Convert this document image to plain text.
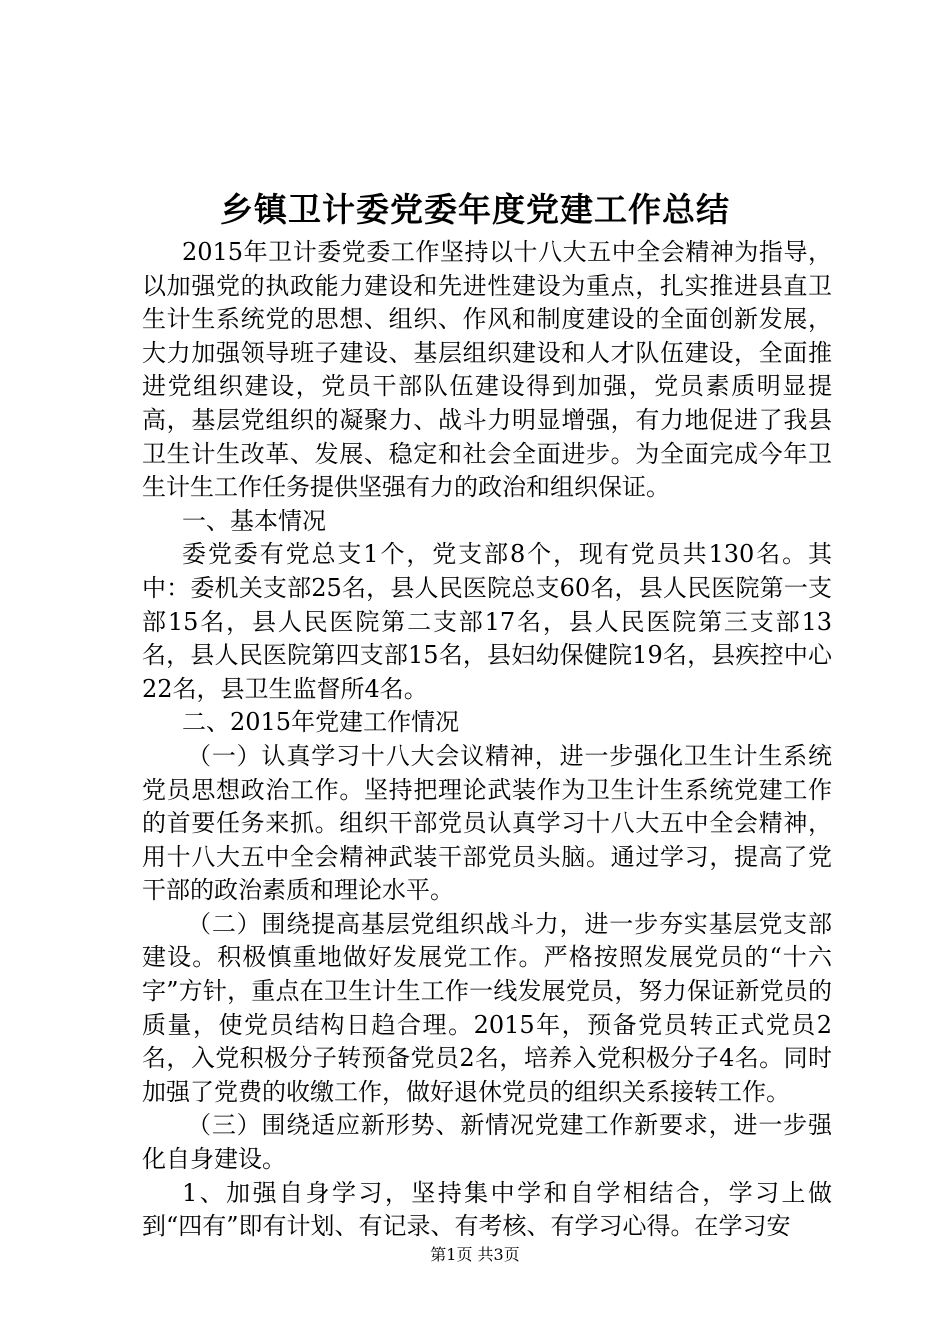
乡镇卫计委党委年度党建工作总结

2015年卫计委党委工作坚持以十八大五中全会精神为指导，以加强党的执政能力建设和先进性建设为重点，扎实推进县直卫生计生系统党的思想、组织、作风和制度建设的全面创新发展，大力加强领导班子建设、基层组织建设和人才队伍建设，全面推进党组织建设，党员干部队伍建设得到加强，党员素质明显提高，基层党组织的凝聚力、战斗力明显增强，有力地促进了我县卫生计生改革、发展、稳定和社会全面进步。为全面完成今年卫生计生工作任务提供坚强有力的政治和组织保证。

一、基本情况

委党委有党总支1个，党支部8个，现有党员共130名。其中：委机关支部25名，县人民医院总支60名，县人民医院第一支部15名，县人民医院第二支部17名，县人民医院第三支部13名，县人民医院第四支部15名，县妇幼保健院19名，县疾控中心22名，县卫生监督所4名。

二、2015年党建工作情况

（一）认真学习十八大会议精神，进一步强化卫生计生系统党员思想政治工作。坚持把理论武装作为卫生计生系统党建工作的首要任务来抓。组织干部党员认真学习十八大五中全会精神，用十八大五中全会精神武装干部党员头脑。通过学习，提高了党干部的政治素质和理论水平。

（二）围绕提高基层党组织战斗力，进一步夯实基层党支部建设。积极慎重地做好发展党工作。严格按照发展党员的“十六字”方针，重点在卫生计生工作一线发展党员，努力保证新党员的质量，使党员结构日趋合理。2015年，预备党员转正式党员2名，入党积极分子转预备党员2名，培养入党积极分子4名。同时加强了党费的收缴工作，做好退休党员的组织关系接转工作。

（三）围绕适应新形势、新情况党建工作新要求，进一步强化自身建设。

1、加强自身学习，坚持集中学和自学相结合，学习上做到“四有”即有计划、有记录、有考核、有学习心得。在学习安

第1页 共3页
